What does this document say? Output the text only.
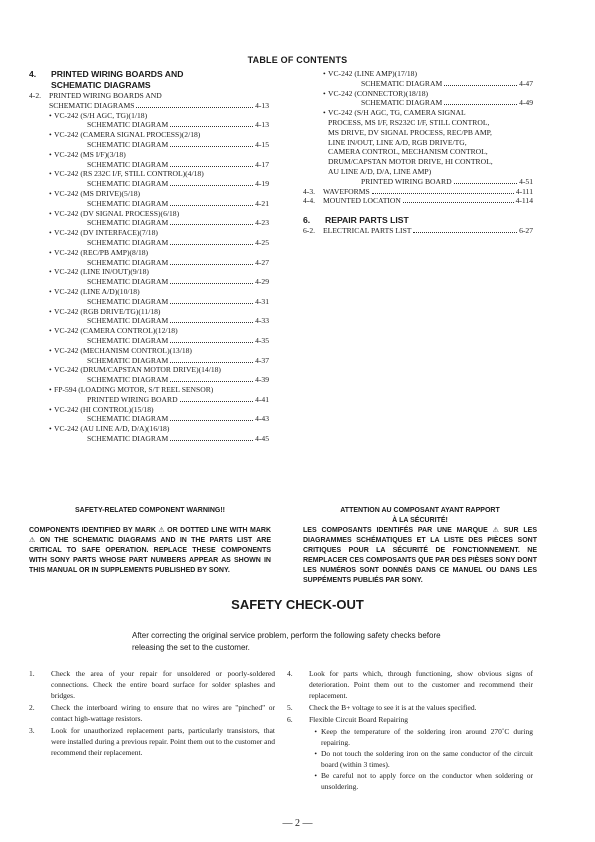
TABLE OF CONTENTS
4.	PRINTED WIRING BOARDS AND
SCHEMATIC DIAGRAMS
4-2.	PRINTED WIRING BOARDS AND
SCHEMATIC DIAGRAMS	4-13
• VC-242 (S/H AGC, TG)(1/18)
SCHEMATIC DIAGRAM	4-13
• VC-242 (CAMERA SIGNAL PROCESS)(2/18)
SCHEMATIC DIAGRAM	4-15
• VC-242 (MS I/F)(3/18)
SCHEMATIC DIAGRAM	4-17
• VC-242 (RS 232C I/F, STILL CONTROL)(4/18)
SCHEMATIC DIAGRAM	4-19
• VC-242 (MS DRIVE)(5/18)
SCHEMATIC DIAGRAM	4-21
• VC-242 (DV SIGNAL PROCESS)(6/18)
SCHEMATIC DIAGRAM	4-23
• VC-242 (DV INTERFACE)(7/18)
SCHEMATIC DIAGRAM	4-25
• VC-242 (REC/PB AMP)(8/18)
SCHEMATIC DIAGRAM	4-27
• VC-242 (LINE IN/OUT)(9/18)
SCHEMATIC DIAGRAM	4-29
• VC-242 (LINE A/D)(10/18)
SCHEMATIC DIAGRAM	4-31
• VC-242 (RGB DRIVE/TG)(11/18)
SCHEMATIC DIAGRAM	4-33
• VC-242 (CAMERA CONTROL)(12/18)
SCHEMATIC DIAGRAM	4-35
• VC-242 (MECHANISM CONTROL)(13/18)
SCHEMATIC DIAGRAM	4-37
• VC-242 (DRUM/CAPSTAN MOTOR DRIVE)(14/18)
SCHEMATIC DIAGRAM	4-39
• FP-594 (LOADING MOTOR, S/T REEL SENSOR)
PRINTED WIRING BOARD	4-41
• VC-242 (HI CONTROL)(15/18)
SCHEMATIC DIAGRAM	4-43
• VC-242 (AU LINE A/D, D/A)(16/18)
SCHEMATIC DIAGRAM	4-45
• VC-242 (LINE AMP)(17/18)
SCHEMATIC DIAGRAM	4-47
• VC-242 (CONNECTOR)(18/18)
SCHEMATIC DIAGRAM	4-49
• VC-242 (S/H AGC, TG, CAMERA SIGNAL
PROCESS, MS I/F, RS232C I/F, STILL CONTROL,
MS DRIVE, DV SIGNAL PROCESS, REC/PB AMP,
LINE IN/OUT, LINE A/D, RGB DRIVE/TG,
CAMERA CONTROL, MECHANISM CONTROL,
DRUM/CAPSTAN MOTOR DRIVE, HI CONTROL,
AU LINE A/D, D/A, LINE AMP)
PRINTED WIRING BOARD	4-51
4-3.	WAVEFORMS	4-111
4-4.	MOUNTED LOCATION	4-114
6.	REPAIR PARTS LIST
6-2.	ELECTRICAL PARTS LIST	6-27
SAFETY-RELATED COMPONENT WARNING!!
COMPONENTS IDENTIFIED BY MARK ⚠ OR DOTTED LINE WITH MARK ⚠ ON THE SCHEMATIC DIAGRAMS AND IN THE PARTS LIST ARE CRITICAL TO SAFE OPERATION. REPLACE THESE COMPONENTS WITH SONY PARTS WHOSE PART NUMBERS APPEAR AS SHOWN IN THIS MANUAL OR IN SUPPLEMENTS PUBLISHED BY SONY.
ATTENTION AU COMPOSANT AYANT RAPPORT
À LA SÉCURITÉ!
LES COMPOSANTS IDENTIFÉS PAR UNE MARQUE ⚠ SUR LES DIAGRAMMES SCHÉMATIQUES ET LA LISTE DES PIÈCES SONT CRITIQUES POUR LA SÉCURITÉ DE FONCTIONNEMENT. NE REMPLACER CES COMPOSANTS QUE PAR DES PIÈSES SONY DONT LES NUMÉROS SONT DONNÉS DANS CE MANUEL OU DANS LES SUPPÉMENTS PUBLIÉS PAR SONY.
SAFETY CHECK-OUT
After correcting the original service problem, perform the following safety checks before releasing the set to the customer.
1.	Check the area of your repair for unsoldered or poorly-soldered connections. Check the entire board surface for solder splashes and bridges.
2.	Check the interboard wiring to ensure that no wires are "pinched" or contact high-wattage resistors.
3.	Look for unauthorized replacement parts, particularly transistors, that were installed during a previous repair. Point them out to the customer and recommend their replacement.
4.	Look for parts which, through functioning, show obvious signs of deterioration. Point them out to the customer and recommend their replacement.
5.	Check the B+ voltage to see it is at the values specified.
6.	Flexible Circuit Board Repairing
• Keep the temperature of the soldering iron around 270˚C during repairing.
• Do not touch the soldering iron on the same conductor of the circuit board (within 3 times).
• Be careful not to apply force on the conductor when soldering or unsoldering.
— 2 —
